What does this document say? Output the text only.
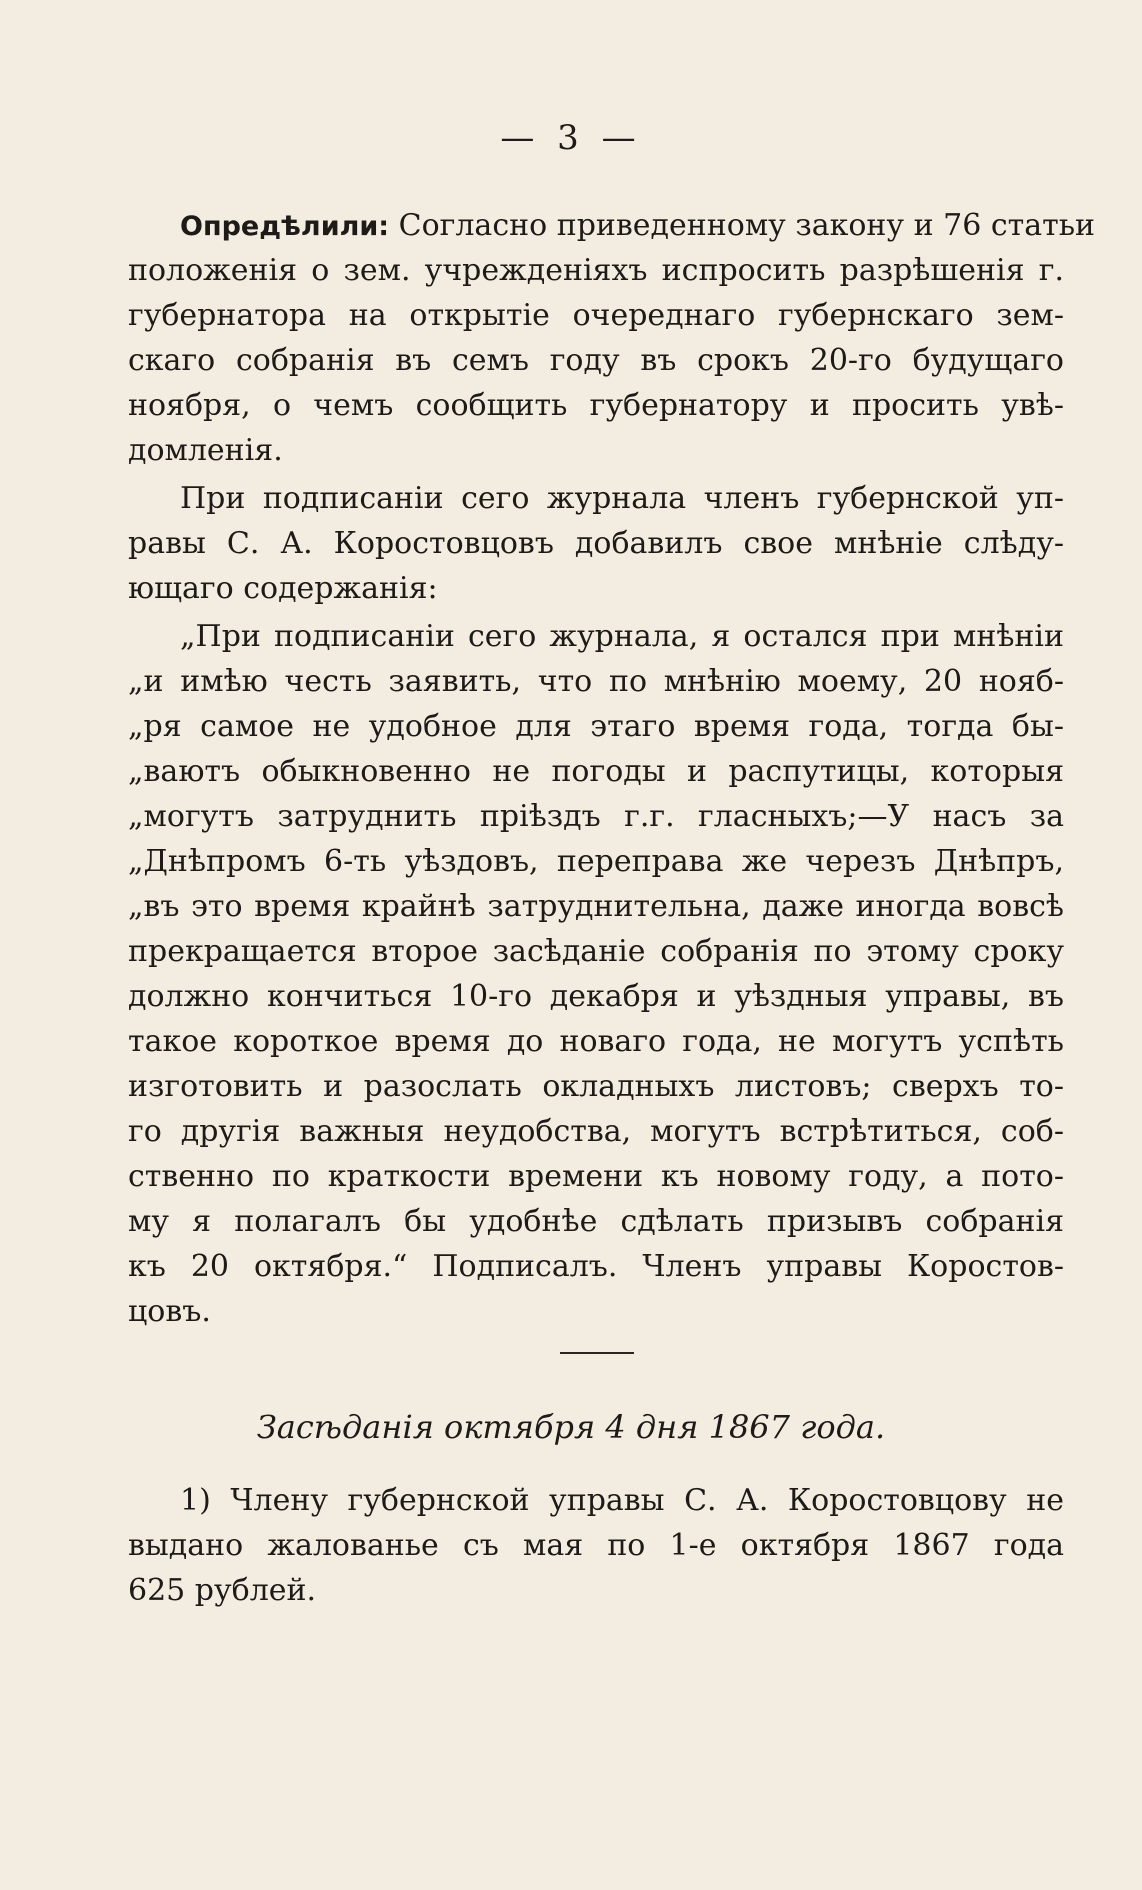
— 3 —
Опредѣлили: Согласно приведенному закону и 76 статьи
положенія о зем. учрежденіяхъ испросить разрѣшенія г.
губернатора на открытіе очереднаго губернскаго зем-
скаго собранія въ семъ году въ срокъ 20-го будущаго
ноября, о чемъ сообщить губернатору и просить увѣ-
домленія.
При подписаніи сего журнала членъ губернской уп-
равы С. А. Коростовцовъ добавилъ свое мнѣніе слѣду-
ющаго содержанія:
„При подписаніи сего журнала, я остался при мнѣніи
„и имѣю честь заявить, что по мнѣнію моему, 20 нояб-
„ря самое не удобное для этаго время года, тогда бы-
„ваютъ обыкновенно не погоды и распутицы, которыя
„могутъ затруднить пріѣздъ г.г. гласныхъ;—У насъ за
„Днѣпромъ 6-ть уѣздовъ, переправа же черезъ Днѣпръ,
„въ это время крайнѣ затруднительна, даже иногда вовсѣ
прекращается второе засѣданіе собранія по этому сроку
должно кончиться 10-го декабря и уѣздныя управы, въ
такое короткое время до новаго года, не могутъ успѣть
изготовить и разослать окладныхъ листовъ; сверхъ то-
го другія важныя неудобства, могутъ встрѣтиться, соб-
ственно по краткости времени къ новому году, а пото-
му я полагалъ бы удобнѣе сдѣлать призывъ собранія
къ 20 октября.“ Подписалъ. Членъ управы Коростов-
цовъ.
Засѣданія октября 4 дня 1867 года.
1) Члену губернской управы С. А. Коростовцову не
выдано жалованье съ мая по 1-е октября 1867 года
625 рублей.
